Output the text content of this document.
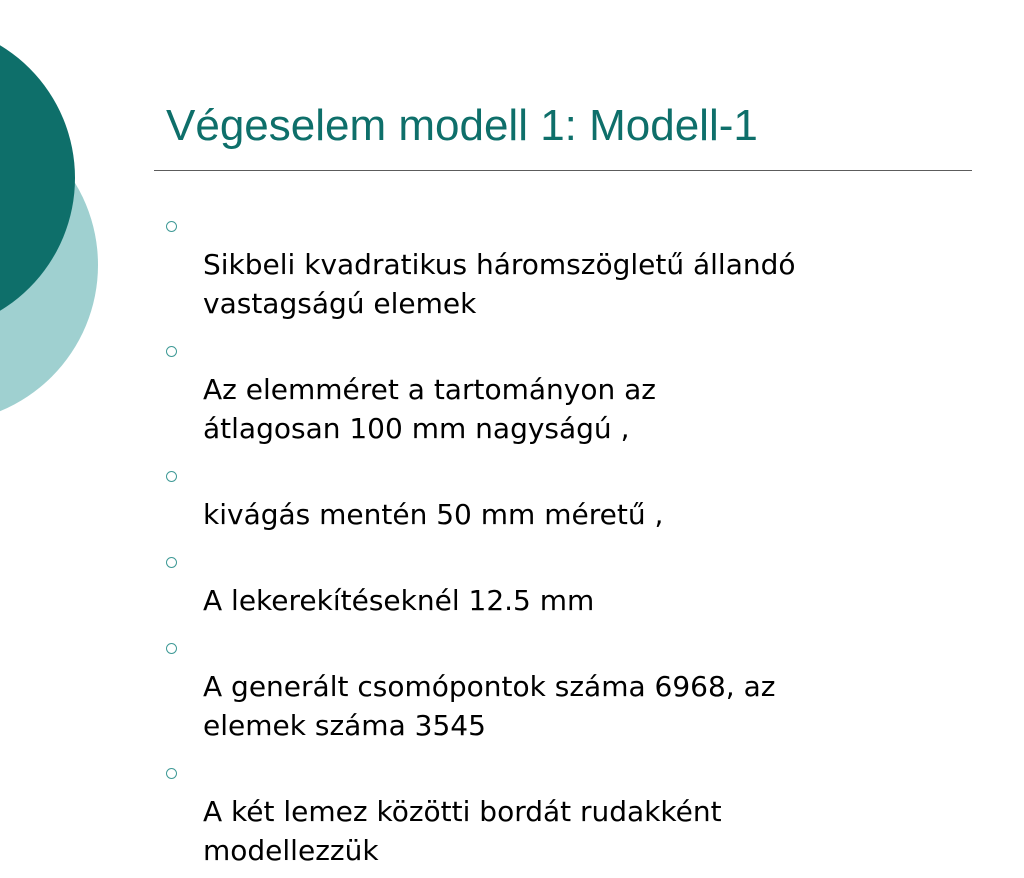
Végeselem modell 1: Modell-1

Sikbeli kvadratikus háromszögletű állandó
vastagságú elemek

Az elemméret a tartományon az
átlagosan 100 mm nagyságú ,

kivágás mentén 50 mm méretű ,

A lekerekítéseknél 12.5 mm

A generált csomópontok száma 6968, az
elemek száma 3545

A két lemez közötti bordát rudakként
modellezzük
